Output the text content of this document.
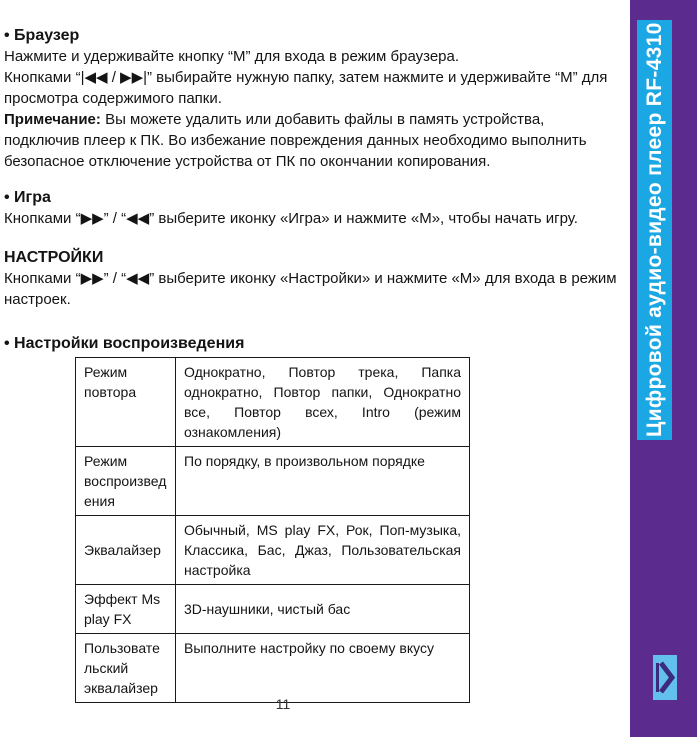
• Браузер

Нажмите и удерживайте кнопку “М” для входа в режим браузера.

Кнопками “|◀◀ / ▶▶|” выбирайте нужную папку, затем нажмите и удерживайте “М” для просмотра содержимого папки.

Примечание: Вы можете удалить или добавить файлы в память устройства, подключив плеер к ПК. Во избежание повреждения данных необходимо выполнить безопасное отключение устройства от ПК по окончании копирования.

• Игра

Кнопками “▶▶” / “◀◀” выберите иконку «Игра» и нажмите «М», чтобы начать игру.

НАСТРОЙКИ

Кнопками “▶▶” / “◀◀” выберите иконку «Настройки» и нажмите «М» для входа в режим настроек.

• Настройки воспроизведения
Режим повтора	Однократно, Повтор трека, Папка однократно, Повтор папки, Однократно все, Повтор всех, Intro (режим ознакомления)
Режим воспроизведения	По порядку, в произвольном порядке
Эквалайзер	Обычный, MS play FX, Рок, Поп-музыка, Классика, Бас, Джаз, Пользовательская настройка
Эффект Ms play FX	3D-наушники, чистый бас
Пользовательский эквалайзер	Выполните настройку по своему вкусу
11
Цифровой аудио-видео плеер RF-4310
